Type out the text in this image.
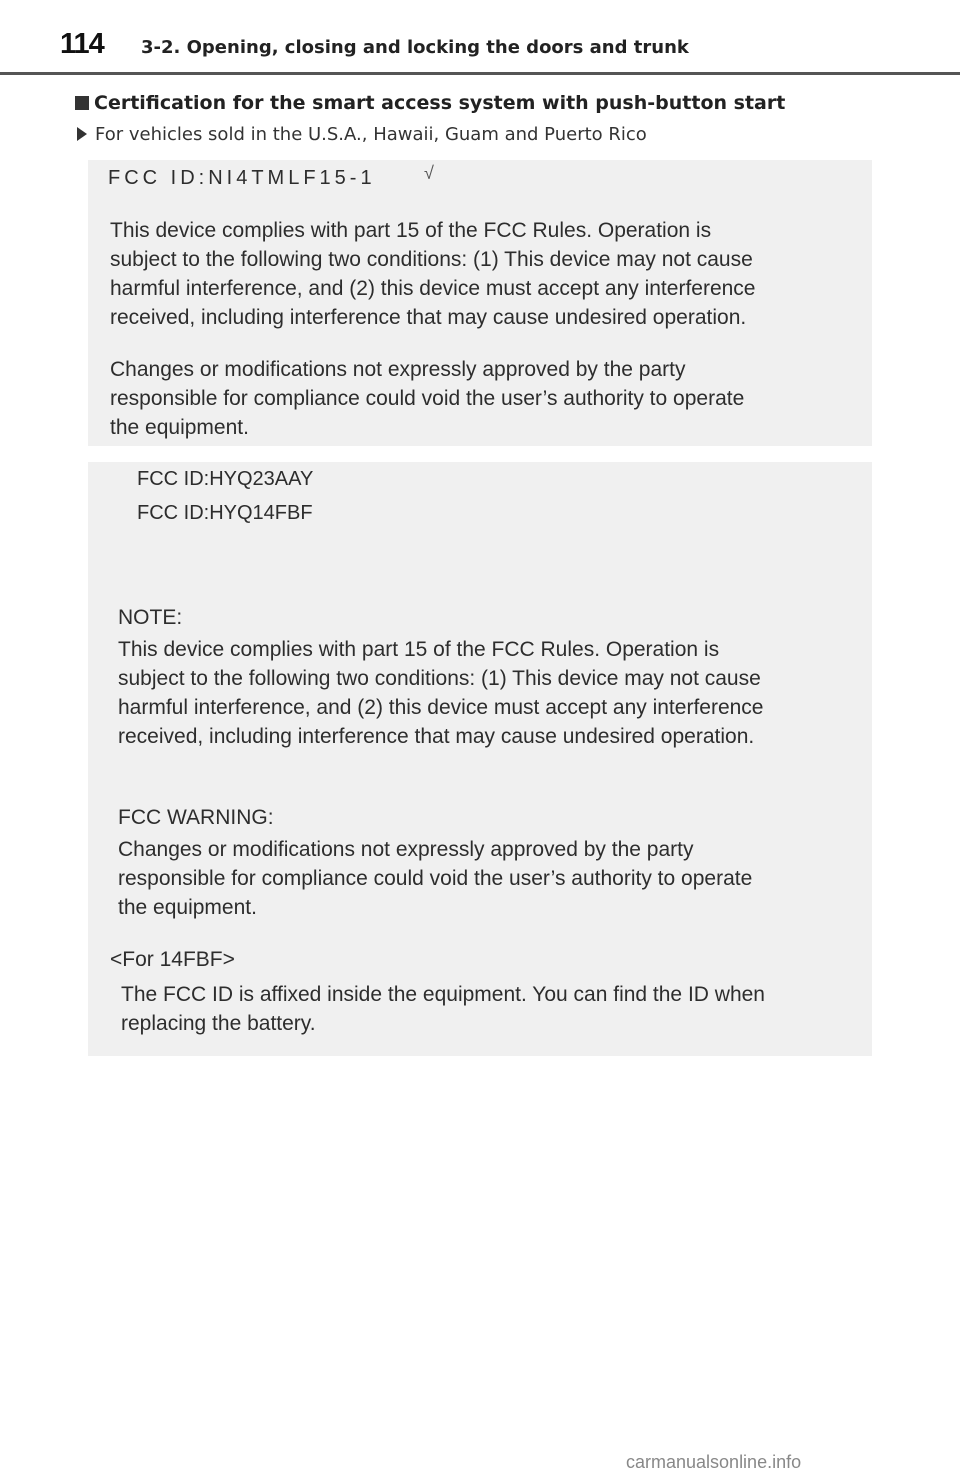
114 3-2. Opening, closing and locking the doors and trunk
Certification for the smart access system with push-button start
For vehicles sold in the U.S.A., Hawaii, Guam and Puerto Rico
FCC ID:NI4TMLF15-1	√
This device complies with part 15 of the FCC Rules. Operation is
subject to the following two conditions: (1) This device may not cause
harmful interference, and (2) this device must accept any interference
received, including interference that may cause undesired operation.
Changes or modifications not expressly approved by the party
responsible for compliance could void the user’s authority to operate
the equipment.
FCC ID:HYQ23AAY
FCC ID:HYQ14FBF
NOTE:
This device complies with part 15 of the FCC Rules. Operation is
subject to the following two conditions: (1) This device may not cause
harmful interference, and (2) this device must accept any interference
received, including interference that may cause undesired operation.
FCC WARNING:
Changes or modifications not expressly approved by the party
responsible for compliance could void the user’s authority to operate
the equipment.
<For 14FBF>
The FCC ID is affixed inside the equipment. You can find the ID when
replacing the battery.
carmanualsonline.info
